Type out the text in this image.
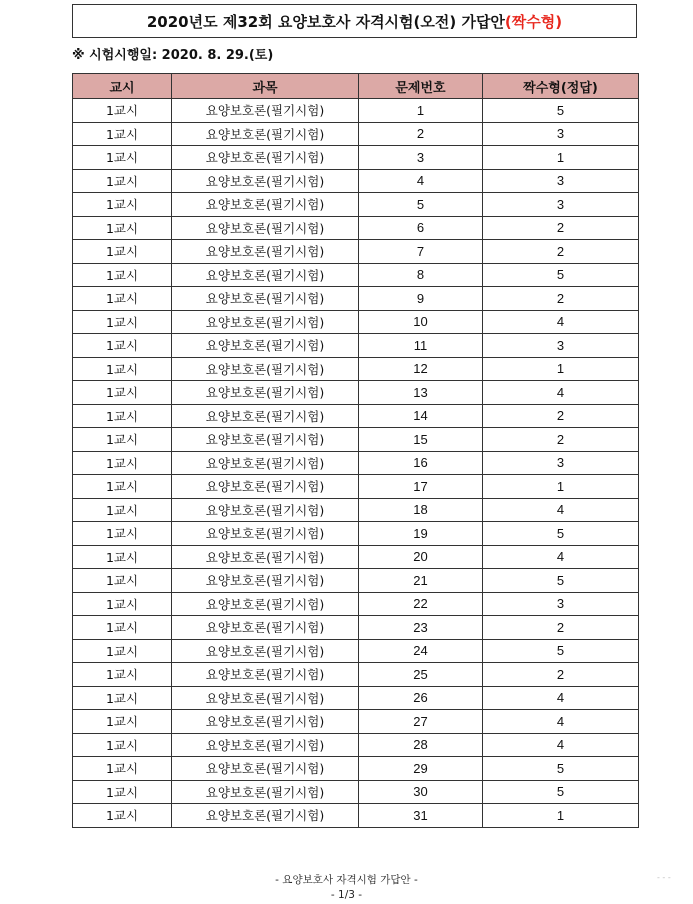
2020년도 제32회 요양보호사 자격시험(오전) 가답안 (짝수형)
※ 시험시행일: 2020. 8. 29.(토)
교시	과목	문제번호	짝수형(정답)
1교시	요양보호론(필기시험)	1	5
1교시	요양보호론(필기시험)	2	3
1교시	요양보호론(필기시험)	3	1
1교시	요양보호론(필기시험)	4	3
1교시	요양보호론(필기시험)	5	3
1교시	요양보호론(필기시험)	6	2
1교시	요양보호론(필기시험)	7	2
1교시	요양보호론(필기시험)	8	5
1교시	요양보호론(필기시험)	9	2
1교시	요양보호론(필기시험)	10	4
1교시	요양보호론(필기시험)	11	3
1교시	요양보호론(필기시험)	12	1
1교시	요양보호론(필기시험)	13	4
1교시	요양보호론(필기시험)	14	2
1교시	요양보호론(필기시험)	15	2
1교시	요양보호론(필기시험)	16	3
1교시	요양보호론(필기시험)	17	1
1교시	요양보호론(필기시험)	18	4
1교시	요양보호론(필기시험)	19	5
1교시	요양보호론(필기시험)	20	4
1교시	요양보호론(필기시험)	21	5
1교시	요양보호론(필기시험)	22	3
1교시	요양보호론(필기시험)	23	2
1교시	요양보호론(필기시험)	24	5
1교시	요양보호론(필기시험)	25	2
1교시	요양보호론(필기시험)	26	4
1교시	요양보호론(필기시험)	27	4
1교시	요양보호론(필기시험)	28	4
1교시	요양보호론(필기시험)	29	5
1교시	요양보호론(필기시험)	30	5
1교시	요양보호론(필기시험)	31	1
- 요양보호사 자격시험 가답안 -
- 1/3 -
- - -
